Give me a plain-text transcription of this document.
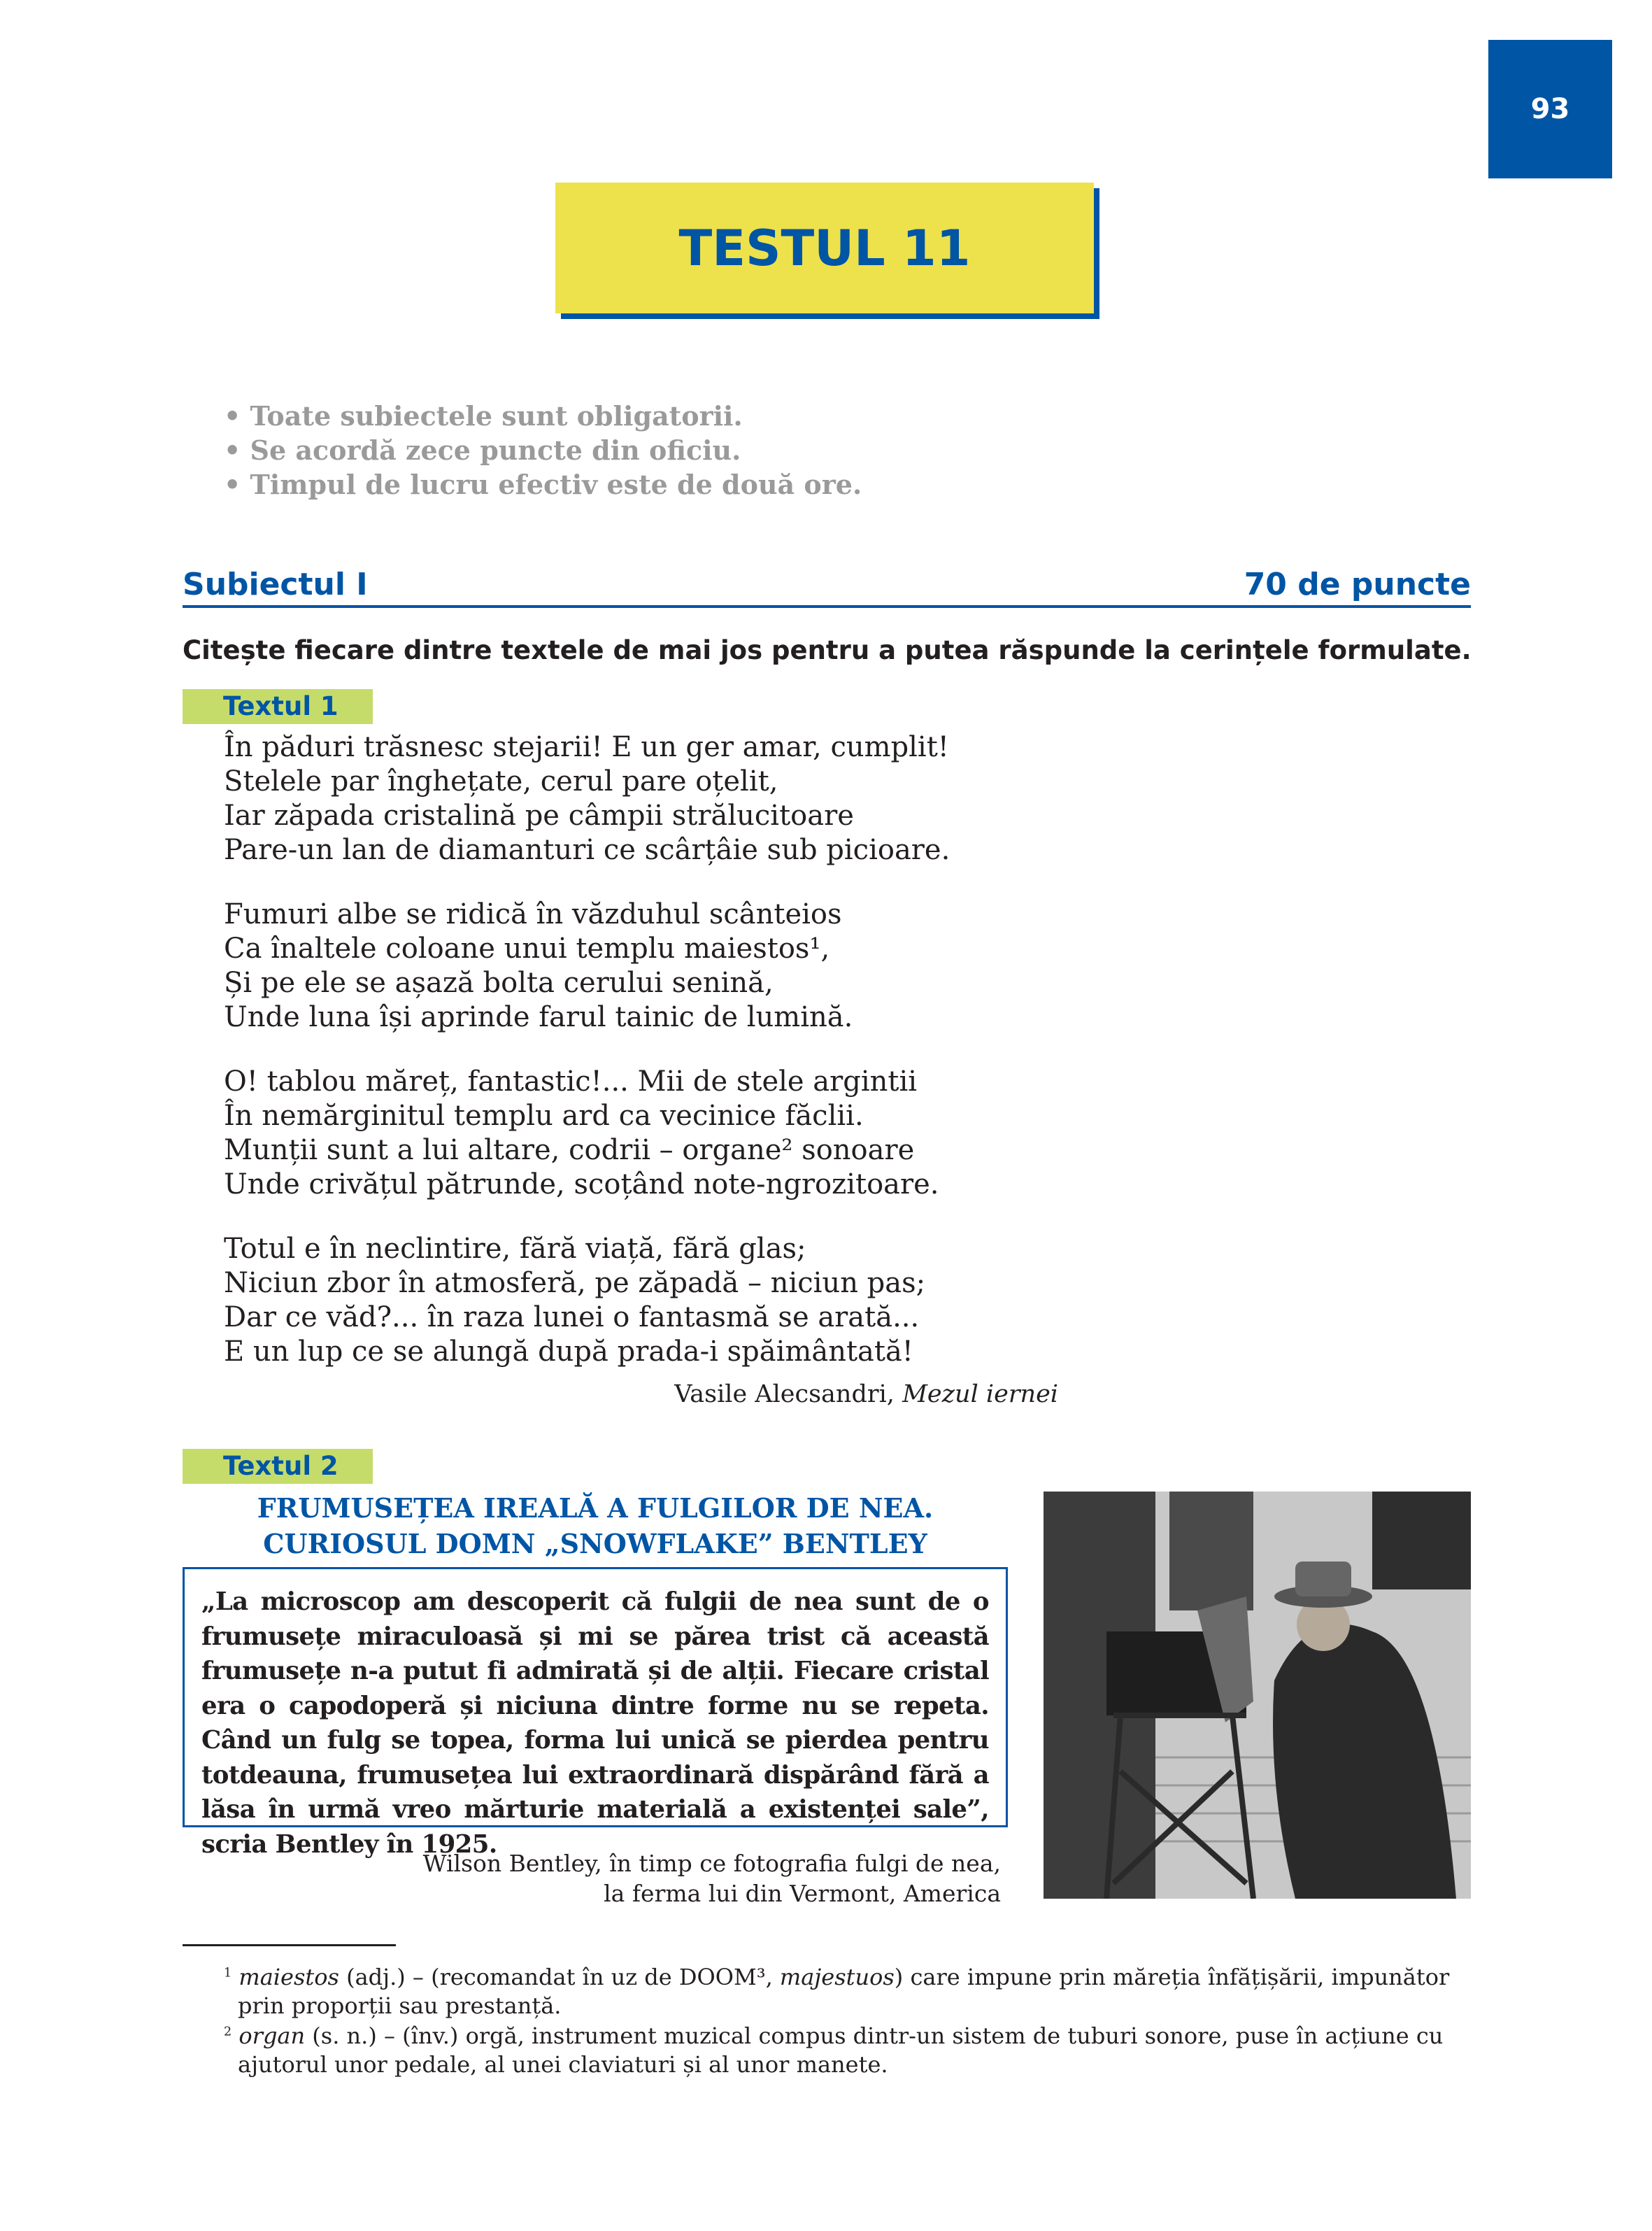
93
TESTUL 11
• Toate subiectele sunt obligatorii.
• Se acordă zece puncte din oficiu.
• Timpul de lucru efectiv este de două ore.
Subiectul I	70 de puncte
Citește fiecare dintre textele de mai jos pentru a putea răspunde la cerințele formulate.
Textul 1
În păduri trăsnesc stejarii! E un ger amar, cumplit!
Stelele par înghețate, cerul pare oțelit,
Iar zăpada cristalină pe câmpii strălucitoare
Pare-un lan de diamanturi ce scârțâie sub picioare.
Fumuri albe se ridică în văzduhul scânteios
Ca înaltele coloane unui templu maiestos¹,
Și pe ele se așază bolta cerului senină,
Unde luna își aprinde farul tainic de lumină.
O! tablou măreț, fantastic!... Mii de stele argintii
În nemărginitul templu ard ca vecinice făclii.
Munții sunt a lui altare, codrii – organe² sonoare
Unde crivățul pătrunde, scoțând note-ngrozitoare.
Totul e în neclintire, fără viață, fără glas;
Niciun zbor în atmosferă, pe zăpadă – niciun pas;
Dar ce văd?... în raza lunei o fantasmă se arată...
E un lup ce se alungă după prada-i spăimântată!
Vasile Alecsandri, Mezul iernei
Textul 2
FRUMUSEȚEA IREALĂ A FULGILOR DE NEA.
CURIOSUL DOMN „SNOWFLAKE” BENTLEY
„La microscop am descoperit că fulgii de nea sunt de o frumusețe miraculoasă și mi se părea trist că această frumusețe n-a putut fi admirată și de alții. Fiecare cristal era o capodoperă și niciuna dintre forme nu se repeta. Când un fulg se topea, forma lui unică se pierdea pentru totdeauna, frumusețea lui extraordinară dispărând fără a lăsa în urmă vreo mărturie materială a existenței sale”, scria Bentley în 1925.
Wilson Bentley, în timp ce fotografia fulgi de nea,
la ferma lui din Vermont, America
$^1$ maiestos (adj.) – (recomandat în uz de DOOM³, majestuos) care impune prin măreția înfățișării, impunător prin proporții sau prestanță.
$^2$ organ (s. n.) – (înv.) orgă, instrument muzical compus dintr-un sistem de tuburi sonore, puse în acțiune cu ajutorul unor pedale, al unei claviaturi și al unor manete.
